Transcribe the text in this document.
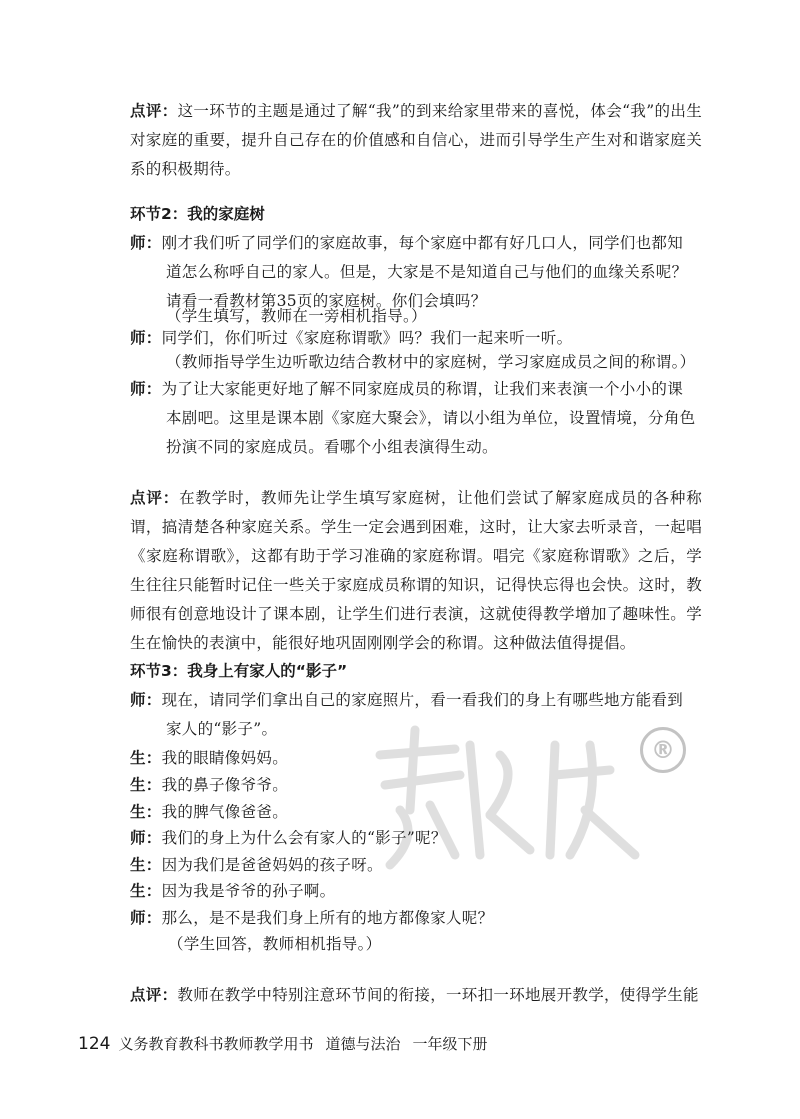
点评：这一环节的主题是通过了解“我”的到来给家里带来的喜悦，体会“我”的出生对家庭的重要，提升自己存在的价值感和自信心，进而引导学生产生对和谐家庭关系的积极期待。
环节2：我的家庭树
师：刚才我们听了同学们的家庭故事，每个家庭中都有好几口人，同学们也都知
道怎么称呼自己的家人。但是，大家是不是知道自己与他们的血缘关系呢？
请看一看教材第35页的家庭树。你们会填吗？
（学生填写，教师在一旁相机指导。）
师：同学们，你们听过《家庭称谓歌》吗？我们一起来听一听。
（教师指导学生边听歌边结合教材中的家庭树，学习家庭成员之间的称谓。）
师：为了让大家能更好地了解不同家庭成员的称谓，让我们来表演一个小小的课
本剧吧。这里是课本剧《家庭大聚会》，请以小组为单位，设置情境，分角色
扮演不同的家庭成员。看哪个小组表演得生动。
点评：在教学时，教师先让学生填写家庭树，让他们尝试了解家庭成员的各种称谓，搞清楚各种家庭关系。学生一定会遇到困难，这时，让大家去听录音，一起唱《家庭称谓歌》，这都有助于学习准确的家庭称谓。唱完《家庭称谓歌》之后，学生往往只能暂时记住一些关于家庭成员称谓的知识，记得快忘得也会快。这时，教师很有创意地设计了课本剧，让学生们进行表演，这就使得教学增加了趣味性。学生在愉快的表演中，能很好地巩固刚刚学会的称谓。这种做法值得提倡。
环节3：我身上有家人的“影子”
师：现在，请同学们拿出自己的家庭照片，看一看我们的身上有哪些地方能看到
家人的“影子”。
生：我的眼睛像妈妈。
生：我的鼻子像爷爷。
生：我的脾气像爸爸。
师：我们的身上为什么会有家人的“影子”呢？
生：因为我们是爸爸妈妈的孩子呀。
生：因为我是爷爷的孙子啊。
师：那么，是不是我们身上所有的地方都像家人呢？
（学生回答，教师相机指导。）
点评：教师在教学中特别注意环节间的衔接，一环扣一环地展开教学，使得学生能
®
124 义务教育教科书教师教学用书 道德与法治 一年级下册
